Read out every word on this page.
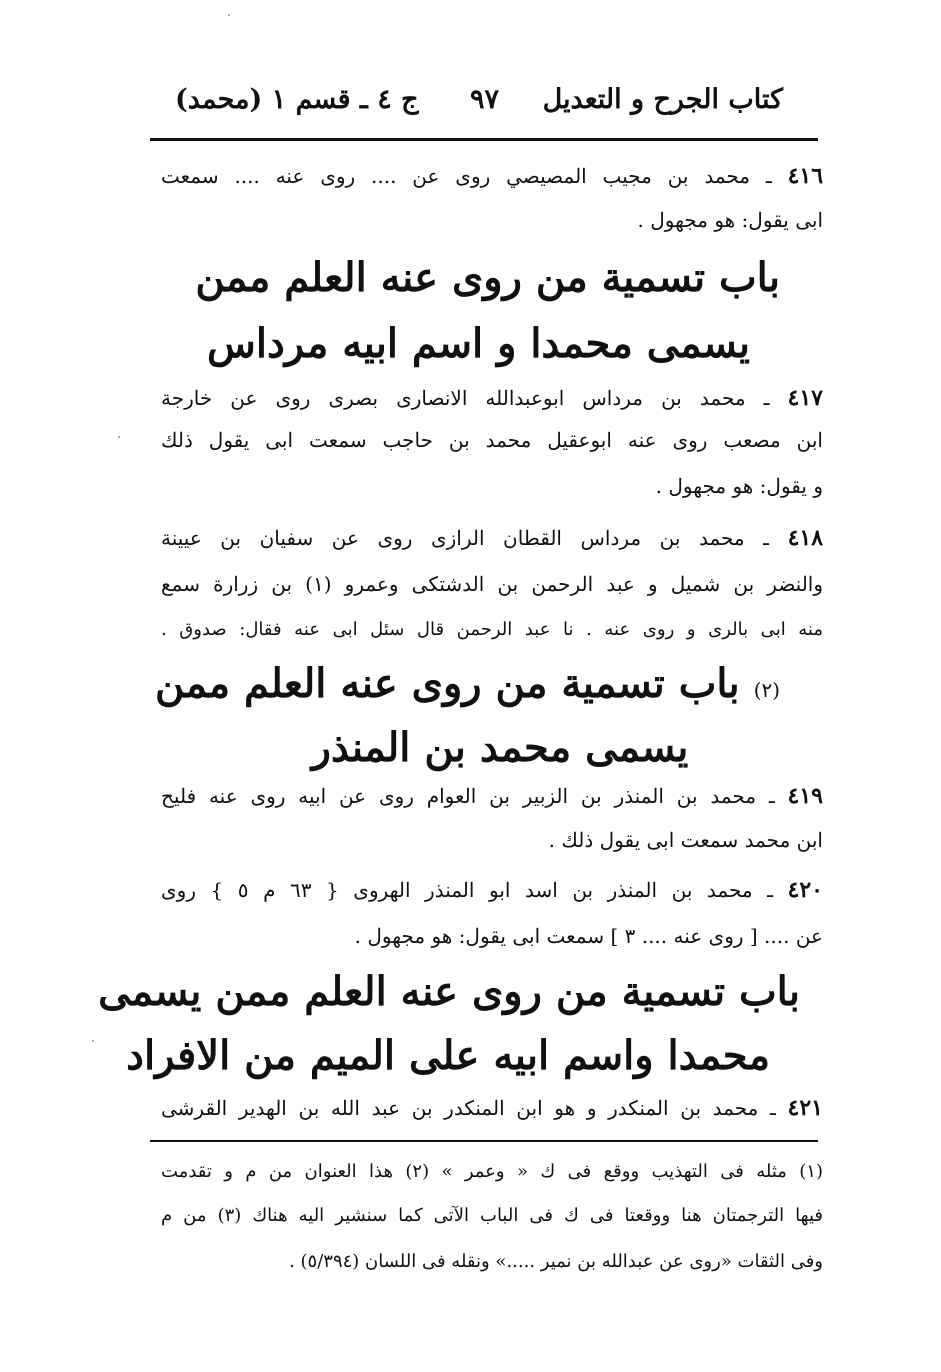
كتاب الجرح و التعديل
٩٧
(محمد) ج ٤ ـ قسم ١
٤١٦ ـ محمد بن مجيب المصيصي روى عن .... روى عنه .... سمعت
ابى يقول: هو مجهول .
باب تسمية من روى عنه العلم ممن
يسمى محمدا و اسم ابيه مرداس
٤١٧ ـ محمد بن مرداس ابوعبدالله الانصارى بصرى روى عن خارجة
ابن مصعب روى عنه ابوعقيل محمد بن حاجب سمعت ابى يقول ذلك
و يقول: هو مجهول .
٤١٨ ـ محمد بن مرداس القطان الرازى روى عن سفيان بن عيينة
والنضر بن شميل و عبد الرحمن بن الدشتكى وعمرو (١) بن زرارة سمع
منه ابى بالرى و روى عنه . نا عبد الرحمن قال سئل ابى عنه فقال: صدوق .
(٢) باب تسمية من روى عنه العلم ممن
يسمى محمد بن المنذر
٤١٩ ـ محمد بن المنذر بن الزبير بن العوام روى عن ابيه روى عنه فليح
ابن محمد سمعت ابى يقول ذلك .
٤٢٠ ـ محمد بن المنذر بن اسد ابو المنذر الهروى { ٦٣ م ٥ } روى
عن .... [ روى عنه .... ٣ ] سمعت ابى يقول: هو مجهول .
باب تسمية من روى عنه العلم ممن يسمى
محمدا واسم ابيه على الميم من الافراد
٤٢١ ـ محمد بن المنكدر و هو ابن المنكدر بن عبد الله بن الهدير القرشى
(١) مثله فى التهذيب ووقع فى ك « وعمر » (٢) هذا العنوان من م و تقدمت
فيها الترجمتان هنا ووقعتا فى ك فى الباب الآتى كما سنشير اليه هناك (٣) من م
وفى الثقات «روى عن عبدالله بن نمير .....» ونقله فى اللسان (٥/٣٩٤) .
